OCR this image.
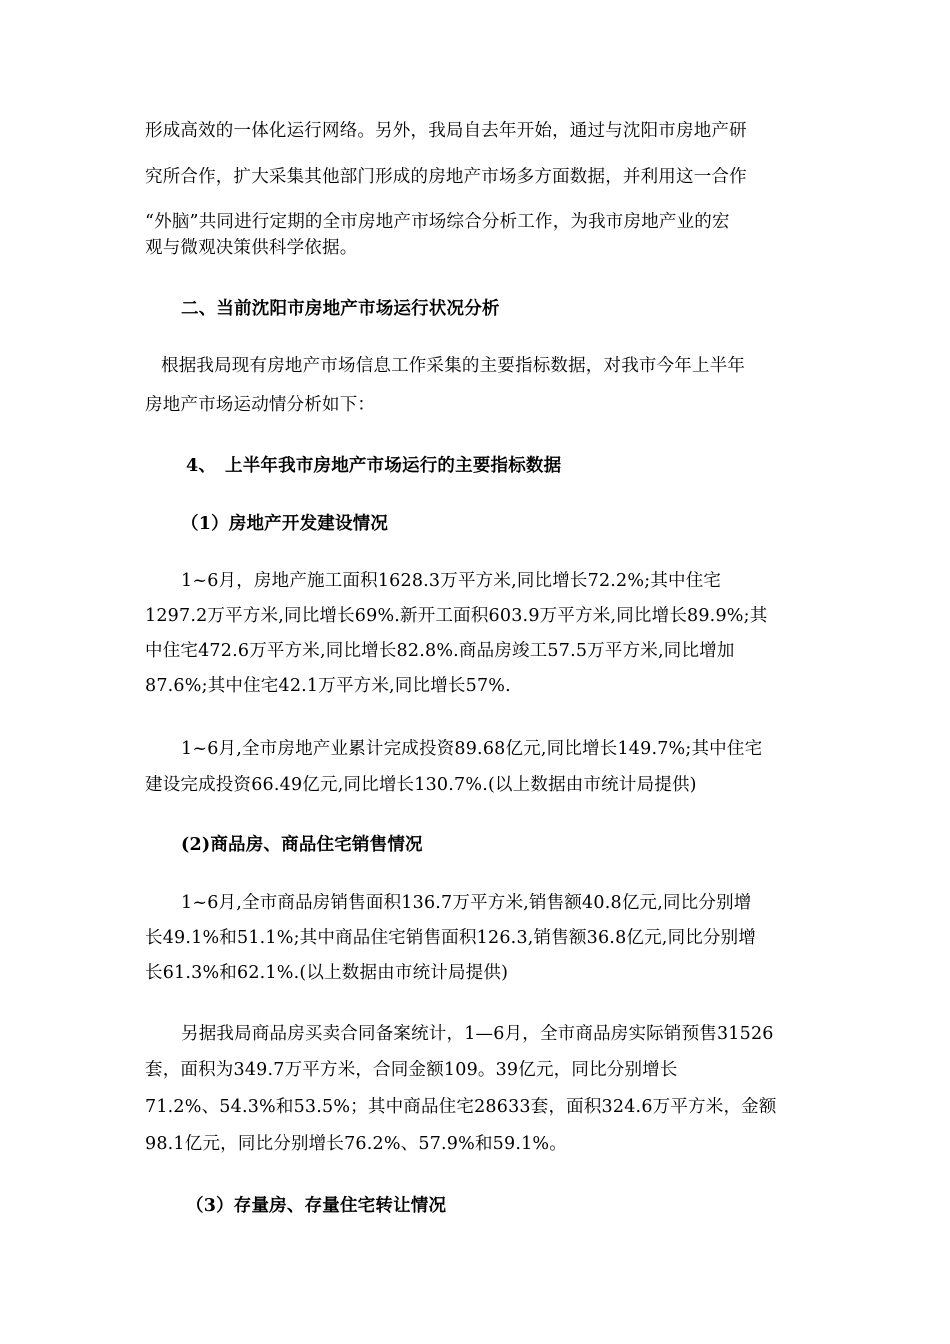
形成高效的一体化运行网络。另外，我局自去年开始，通过与沈阳市房地产研
究所合作，扩大采集其他部门形成的房地产市场多方面数据，并利用这一合作
“外脑”共同进行定期的全市房地产市场综合分析工作，为我市房地产业的宏
观与微观决策供科学依据。
二、当前沈阳市房地产市场运行状况分析
根据我局现有房地产市场信息工作采集的主要指标数据，对我市今年上半年
房地产市场运动情分析如下：
4、　上半年我市房地产市场运行的主要指标数据
（1）房地产开发建设情况
1~6月，房地产施工面积1628.3万平方米,同比增长72.2%;其中住宅
1297.2万平方米,同比增长69%.新开工面积603.9万平方米,同比增长89.9%;其
中住宅472.6万平方米,同比增长82.8%.商品房竣工57.5万平方米,同比增加
87.6%;其中住宅42.1万平方米,同比增长57%.
1~6月,全市房地产业累计完成投资89.68亿元,同比增长149.7%;其中住宅
建设完成投资66.49亿元,同比增长130.7%.(以上数据由市统计局提供)
(2)商品房、商品住宅销售情况
1~6月,全市商品房销售面积136.7万平方米,销售额40.8亿元,同比分别增
长49.1%和51.1%;其中商品住宅销售面积126.3,销售额36.8亿元,同比分别增
长61.3%和62.1%.(以上数据由市统计局提供)
另据我局商品房买卖合同备案统计，1—6月，全市商品房实际销预售31526
套，面积为349.7万平方米，合同金额109。39亿元，同比分别增长
71.2%、54.3%和53.5%；其中商品住宅28633套，面积324.6万平方米，金额
98.1亿元，同比分别增长76.2%、57.9%和59.1%。
（3）存量房、存量住宅转让情况
